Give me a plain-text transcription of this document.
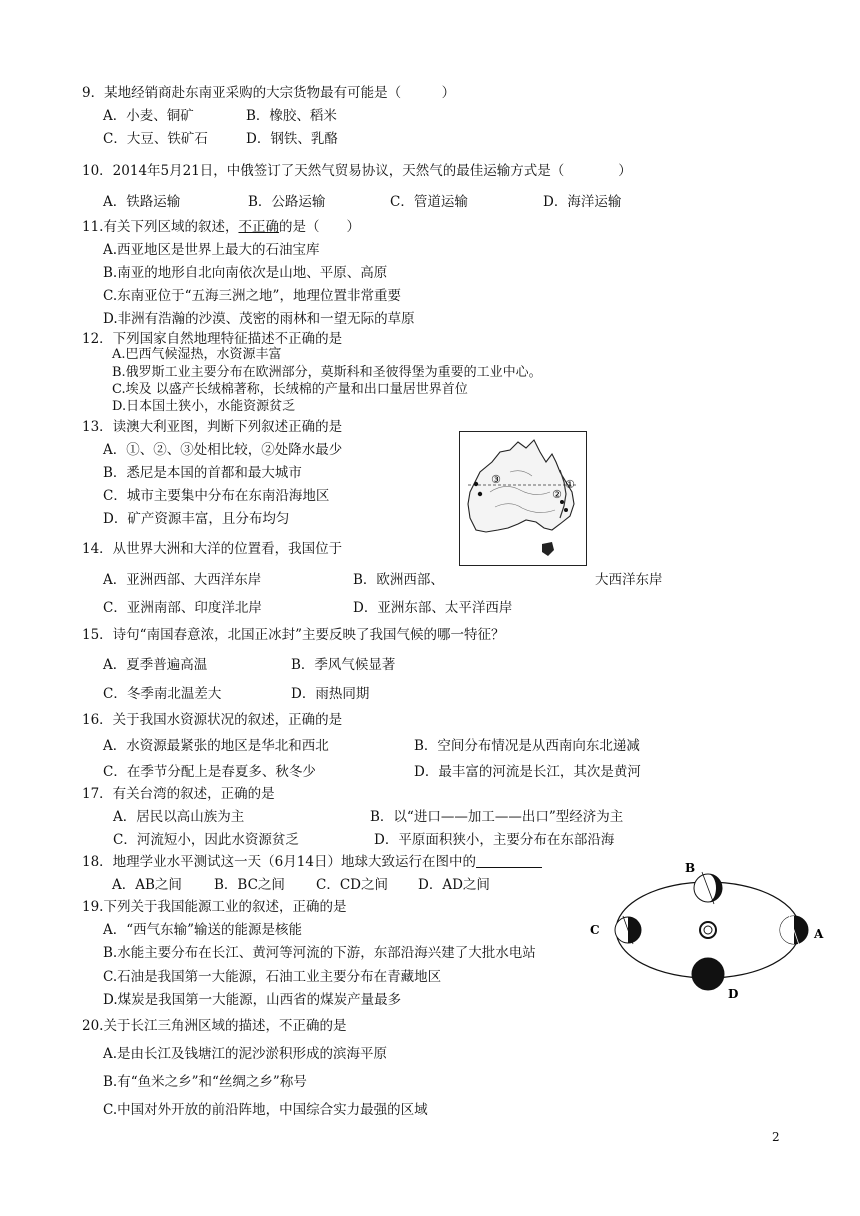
9．某地经销商赴东南亚采购的大宗货物最有可能是（　　　）
A．小麦、铜矿	B．橡胶、稻米
C．大豆、铁矿石	D．钢铁、乳酪
10．2014年5月21日，中俄签订了天然气贸易协议，天然气的最佳运输方式是（　　　　）
A．铁路运输	B．公路运输	C．管道运输	D．海洋运输
11.有关下列区域的叙述，不正确的是（　　）
A.西亚地区是世界上最大的石油宝库
B.南亚的地形自北向南依次是山地、平原、高原
C.东南亚位于“五海三洲之地”，地理位置非常重要
D.非洲有浩瀚的沙漠、茂密的雨林和一望无际的草原
12．下列国家自然地理特征描述不正确的是
A.巴西气候湿热，水资源丰富
B.俄罗斯工业主要分布在欧洲部分，莫斯科和圣彼得堡为重要的工业中心。
C.埃及 以盛产长绒棉著称，长绒棉的产量和出口量居世界首位
D.日本国土狭小，水能资源贫乏
13．读澳大利亚图，判断下列叙述正确的是
A．①、②、③处相比较，②处降水最少
B．悉尼是本国的首都和最大城市
C．城市主要集中分布在东南沿海地区
D．矿产资源丰富，且分布均匀
③
②
①
14．从世界大洲和大洋的位置看，我国位于
A．亚洲西部、大西洋东岸	B．欧洲西部、	大西洋东岸
C．亚洲南部、印度洋北岸	D．亚洲东部、太平洋西岸
15．诗句“南国春意浓，北国正冰封”主要反映了我国气候的哪一特征？
A．夏季普遍高温	B．季风气候显著
C．冬季南北温差大	D．雨热同期
16．关于我国水资源状况的叙述，正确的是
A．水资源最紧张的地区是华北和西北	B．空间分布情况是从西南向东北递减
C．在季节分配上是春夏多、秋冬少	D．最丰富的河流是长江，其次是黄河
17．有关台湾的叙述，正确的是
A．居民以高山族为主	B．以“进口——加工——出口”型经济为主
C．河流短小，因此水资源贫乏	D．平原面积狭小，主要分布在东部沿海
18．地理学业水平测试这一天（6月14日）地球大致运行在图中的
A．AB之间 B．BC之间 C．CD之间 D．AD之间
B
C	A
D
19.下列关于我国能源工业的叙述，正确的是
A．“西气东输”输送的能源是核能
B.水能主要分布在长江、黄河等河流的下游，东部沿海兴建了大批水电站
C.石油是我国第一大能源，石油工业主要分布在青藏地区
D.煤炭是我国第一大能源，山西省的煤炭产量最多
20.关于长江三角洲区域的描述，不正确的是
A.是由长江及钱塘江的泥沙淤积形成的滨海平原
B.有“鱼米之乡”和“丝绸之乡”称号
C.中国对外开放的前沿阵地，中国综合实力最强的区域
2
